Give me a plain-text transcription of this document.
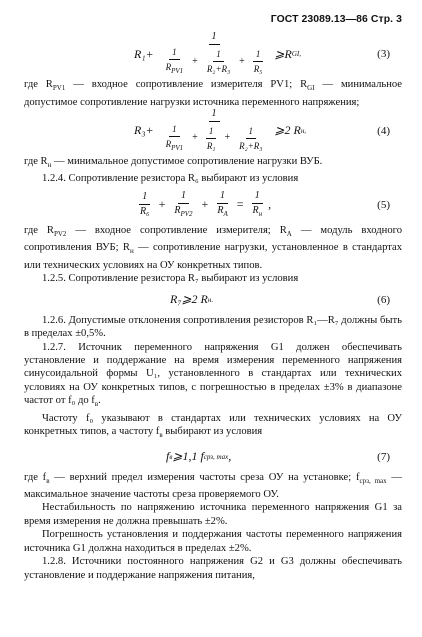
ГОСТ 23089.13—86 Стр. 3
R₁+
1
$\frac{1}{R_{PV1}} + \frac{1}{\text{R₂+R₃}} + \frac{1}{\text{R₅}}$ ⩾R GI,	(3)

где $R_{PV1}$ — входное сопротивление измерителя PV1; $R_{GI}$ — минимальное допустимое сопротивление нагрузки источника переменного напряжения;

R₃+
1
$\frac{1}{R_{PV1}} + \frac{1}{\text{R₁}} + \frac{1}{\text{R₂+R₃}}$ ⩾2 R н,	(4)

где $R_н$ — минимальное допустимое сопротивление нагрузки ВУБ.

1.2.4. Сопротивление резистора R₆ выбирают из условия

$\frac{1}{\text{R₆}} + \frac{1}{R_{PV2}} + \frac{1}{R_A} = \frac{1}{R_н}$ ,	(5)

где $R_{PV2}$ — входное сопротивление измерителя; $R_A$ — модуль входного сопротивления ВУБ; $R_н$ — сопротивление нагрузки, установленное в стандартах или технических условиях на ОУ конкретных типов.

1.2.5. Сопротивление резистора R₇ выбирают из условия

R₇⩾2 R н.	(6)

1.2.6. Допустимые отклонения сопротивления резисторов R₁—R₇ должны быть в пределах ±0,5%.

1.2.7. Источник переменного напряжения G1 должен обеспечивать установление и поддержание на время измерения переменного напряжения синусоидальной формы U₁, установленного в стандартах или технических условиях на ОУ конкретных типов, с погрешностью в пределах ±3% в диапазоне частот от f₀ до $f_в$.

Частоту f₀ указывают в стандартах или технических условиях на ОУ конкретных типов, а частоту $f_в$ выбирают из условия

f в ⩾1,1 f срз, max ,	(7)

где $f_в$ — верхний предел измерения частоты среза ОУ на установке; $f_{срз, max}$ — максимальное значение частоты среза проверяемого ОУ.

Нестабильность по напряжению источника переменного напряжения G1 за время измерения не должна превышать ±2%.

Погрешность установления и поддержания частоты переменного напряжения источника G1 должна находиться в пределах ±2%.

1.2.8. Источники постоянного напряжения G2 и G3 должны обеспечивать установление и поддержание напряжения питания,
